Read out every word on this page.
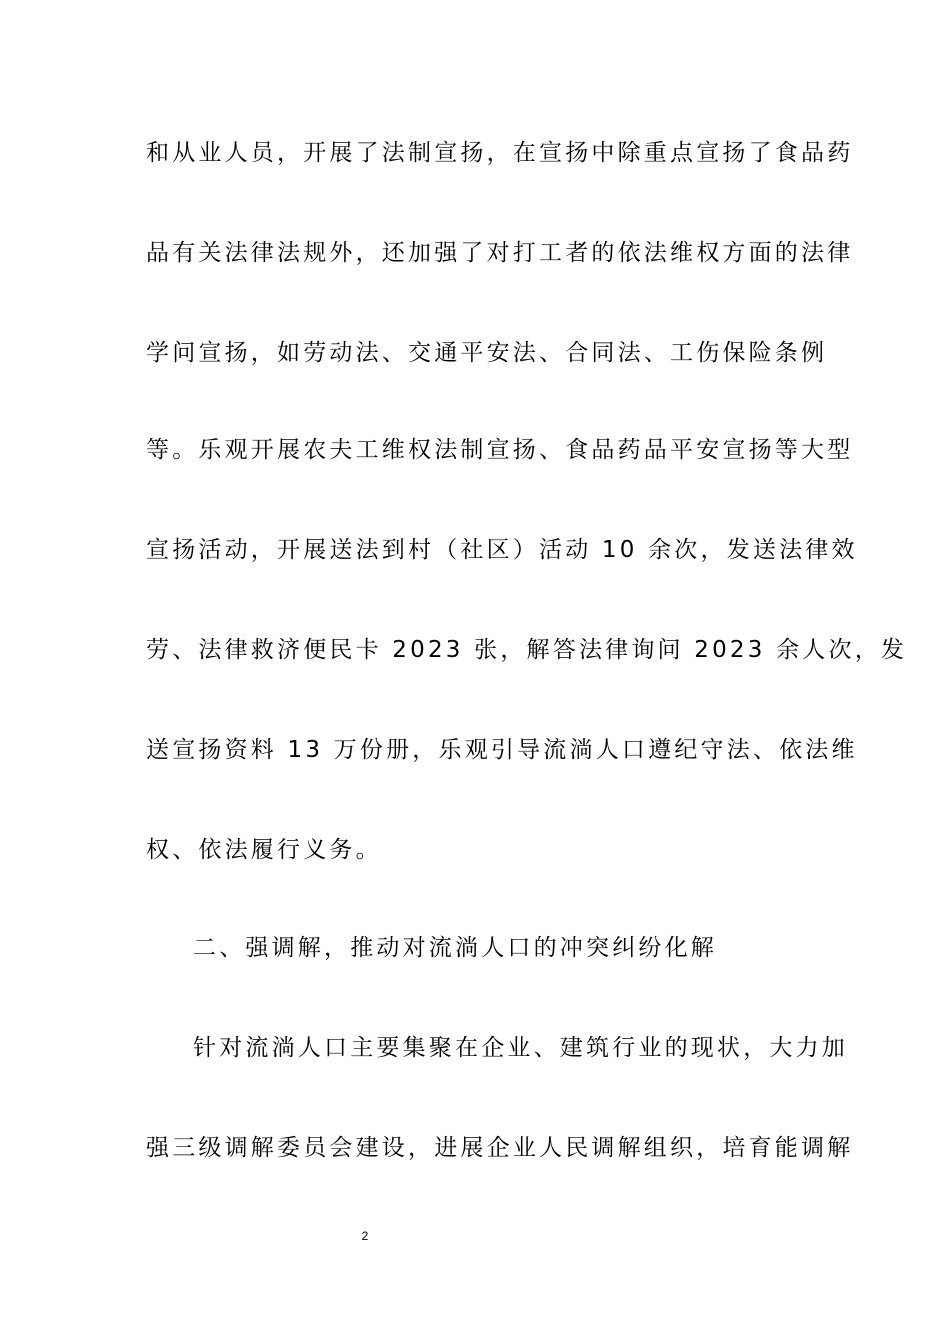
和从业人员，开展了法制宣扬，在宣扬中除重点宣扬了食品药
品有关法律法规外，还加强了对打工者的依法维权方面的法律
学问宣扬，如劳动法、交通平安法、合同法、工伤保险条例
等。乐观开展农夫工维权法制宣扬、食品药品平安宣扬等大型
宣扬活动，开展送法到村（社区）活动 10 余次，发送法律效
劳、法律救济便民卡 2023 张，解答法律询问 2023 余人次，发
送宣扬资料 13 万份册，乐观引导流淌人口遵纪守法、依法维
权、依法履行义务。
二、强调解，推动对流淌人口的冲突纠纷化解
针对流淌人口主要集聚在企业、建筑行业的现状，大力加
强三级调解委员会建设，进展企业人民调解组织，培育能调解
2
